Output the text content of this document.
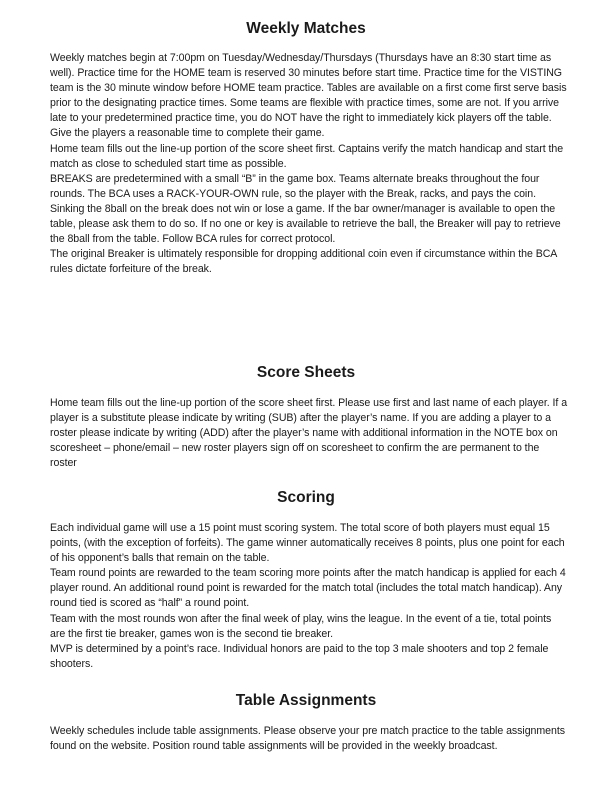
Weekly Matches

Weekly matches begin at 7:00pm on Tuesday/Wednesday/Thursdays (Thursdays have an 8:30 start time as well). Practice time for the HOME team is reserved 30 minutes before start time. Practice time for the VISTING team is the 30 minute window before HOME team practice. Tables are available on a first come first serve basis prior to the designating practice times. Some teams are flexible with practice times, some are not. If you arrive late to your predetermined practice time, you do NOT have the right to immediately kick players off the table. Give the players a reasonable time to complete their game.

Home team fills out the line-up portion of the score sheet first. Captains verify the match handicap and start the match as close to scheduled start time as possible.

BREAKS are predetermined with a small “B” in the game box. Teams alternate breaks throughout the four rounds. The BCA uses a RACK-YOUR-OWN rule, so the player with the Break, racks, and pays the coin.

Sinking the 8ball on the break does not win or lose a game. If the bar owner/manager is available to open the table, please ask them to do so. If no one or key is available to retrieve the ball, the Breaker will pay to retrieve the 8ball from the table. Follow BCA rules for correct protocol.

The original Breaker is ultimately responsible for dropping additional coin even if circumstance within the BCA rules dictate forfeiture of the break.

Score Sheets

Home team fills out the line-up portion of the score sheet first. Please use first and last name of each player. If a player is a substitute please indicate by writing (SUB) after the player’s name. If you are adding a player to a roster please indicate by writing (ADD) after the player’s name with additional information in the NOTE box on scoresheet – phone/email – new roster players sign off on scoresheet to confirm the are permanent to the roster

Scoring

Each individual game will use a 15 point must scoring system. The total score of both players must equal 15 points, (with the exception of forfeits). The game winner automatically receives 8 points, plus one point for each of his opponent’s balls that remain on the table.

Team round points are rewarded to the team scoring more points after the match handicap is applied for each 4 player round. An additional round point is rewarded for the match total (includes the total match handicap). Any round tied is scored as “half” a round point.

Team with the most rounds won after the final week of play, wins the league. In the event of a tie, total points are the first tie breaker, games won is the second tie breaker.

MVP is determined by a point’s race. Individual honors are paid to the top 3 male shooters and top 2 female shooters.

Table Assignments

Weekly schedules include table assignments. Please observe your pre match practice to the table assignments found on the website. Position round table assignments will be provided in the weekly broadcast.
